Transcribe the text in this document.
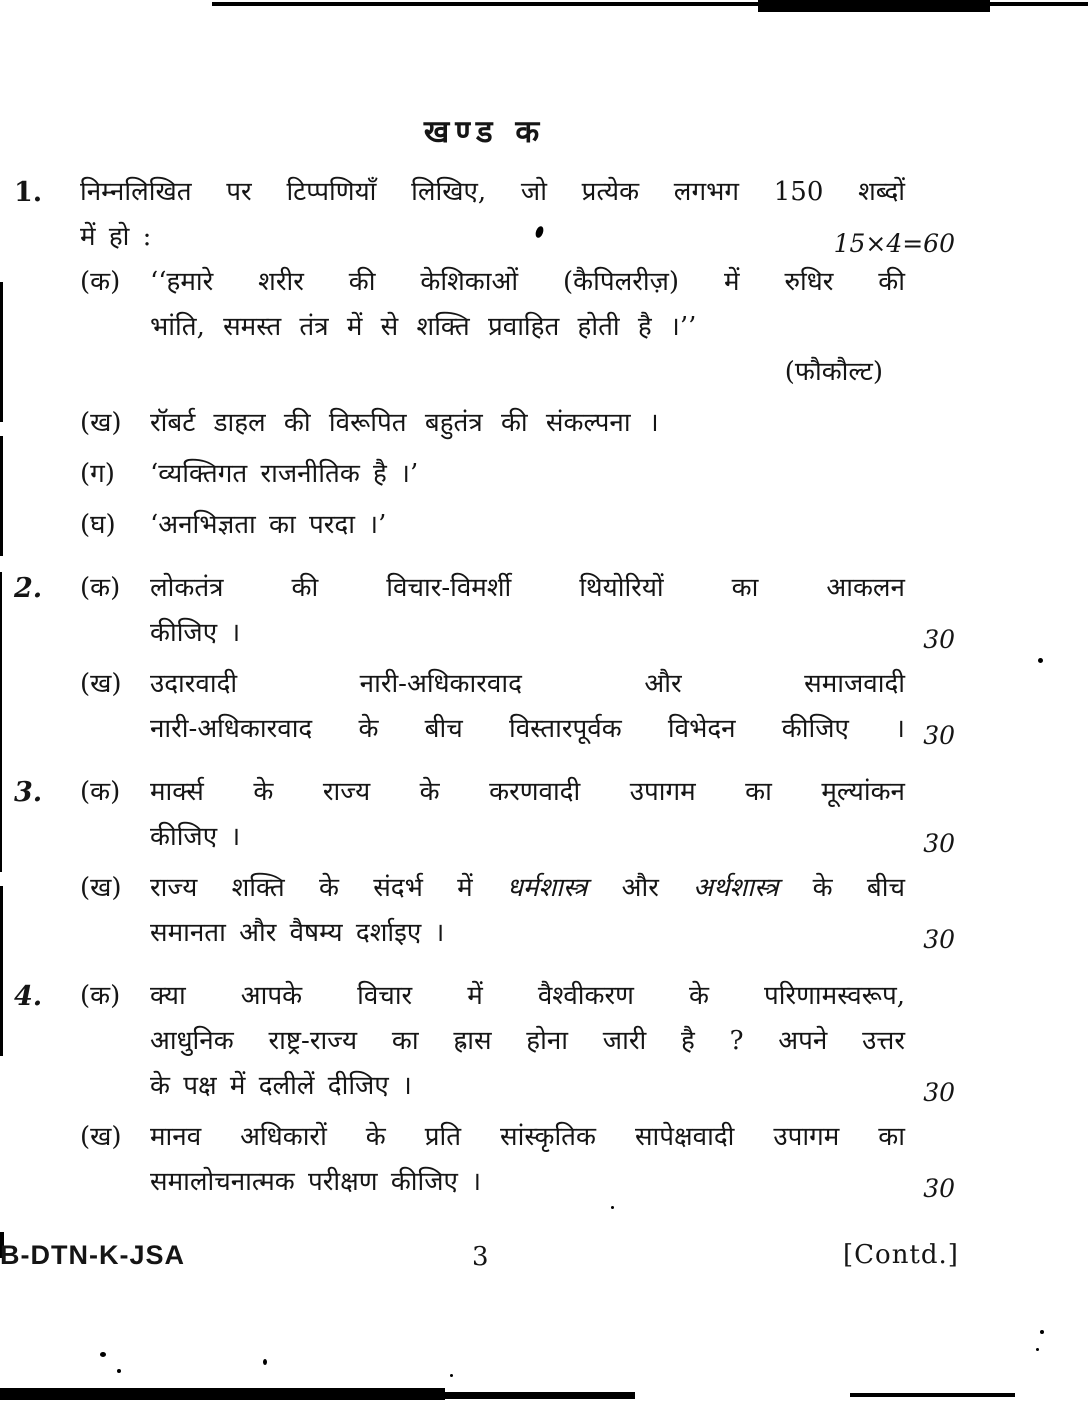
खण्ड क
1.	निम्नलिखित पर टिप्पणियाँ लिखिए, जो प्रत्येक लगभग 150 शब्दों
में हो :	15×4=60
(क)	‘‘हमारे शरीर की केशिकाओं (कैपिलरीज़) में रुधिर की
भांति, समस्त तंत्र में से शक्ति प्रवाहित होती है ।’’
(फौकौल्ट)
(ख)	रॉबर्ट डाहल की विरूपित बहुतंत्र की संकल्पना ।
(ग)	‘व्यक्तिगत राजनीतिक है ।’
(घ)	‘अनभिज्ञता का परदा ।’
2.	(क)	लोकतंत्र की विचार-विमर्शी थियोरियों का आकलन
कीजिए ।	30
(ख)	उदारवादी नारी-अधिकारवाद और समाजवादी
नारी-अधिकारवाद के बीच विस्तारपूर्वक विभेदन कीजिए । 30
3.	(क)	मार्क्स के राज्य के करणवादी उपागम का मूल्यांकन
कीजिए ।	30
(ख)	राज्य शक्ति के संदर्भ में धर्मशास्त्र और अर्थशास्त्र के बीच
समानता और वैषम्य दर्शाइए ।	30
4.	(क)	क्या आपके विचार में वैश्वीकरण के परिणामस्वरूप,
आधुनिक राष्ट्र-राज्य का ह्रास होना जारी है ? अपने उत्तर
के पक्ष में दलीलें दीजिए ।	30
(ख)	मानव अधिकारों के प्रति सांस्कृतिक सापेक्षवादी उपागम का
समालोचनात्मक परीक्षण कीजिए ।	30
B-DTN-K-JSA	3	[Contd.]
